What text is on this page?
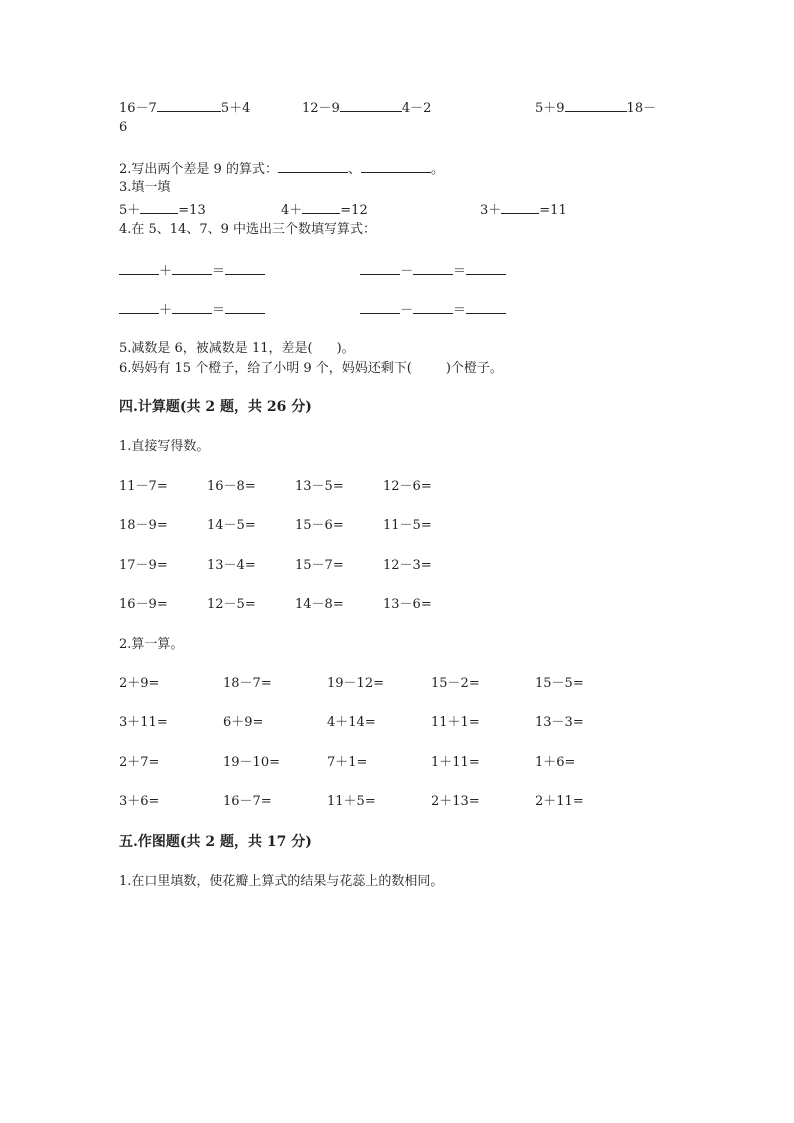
16－7	5＋4	12－9	4－2	5＋9	18－
6
2.写出两个差是 9 的算式：	、	。
3.填一填
5＋	=13	4＋	=12	3＋	=11
4.在 5、14、7、9 中选出三个数填写算式：
＋	＝	－	＝
＋	＝	－	＝
5.减数是 6，被减数是 11，差是( )。
6.妈妈有 15 个橙子，给了小明 9 个，妈妈还剩下(	)个橙子。
四.计算题(共 2 题，共 26 分)
1.直接写得数。
11－7=	16－8=	13－5=	12－6=
18－9=	14－5=	15－6=	11－5=
17－9=	13－4=	15－7=	12－3=
16－9=	12－5=	14－8=	13－6=
2.算一算。
2＋9=	18－7=	19－12=	15－2=	15－5=
3＋11=	6＋9=	4＋14=	11＋1=	13－3=
2＋7=	19－10=	7＋1=	1＋11=	1＋6=
3＋6=	16－7=	11＋5=	2＋13=	2＋11=
五.作图题(共 2 题，共 17 分)
1.在口里填数，使花瓣上算式的结果与花蕊上的数相同。
